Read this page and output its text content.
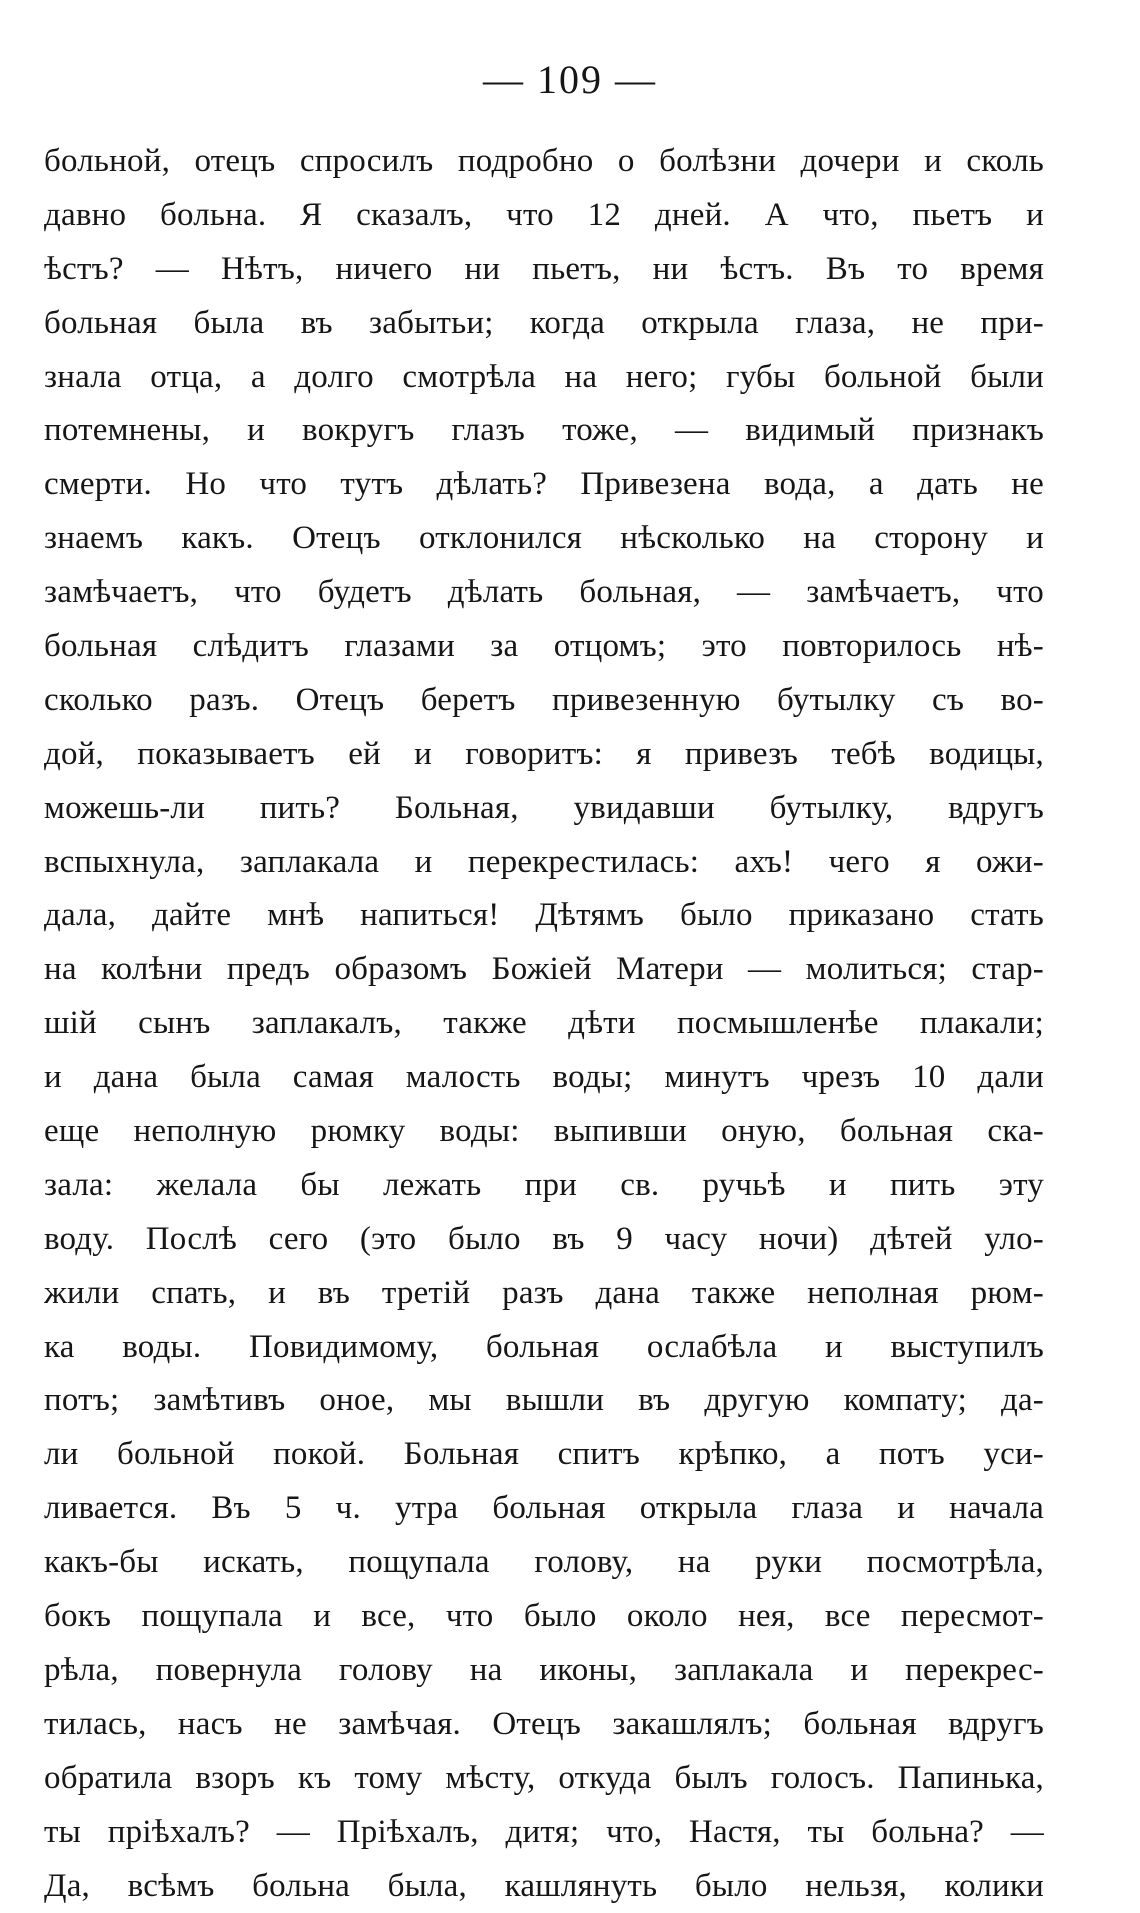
— 109 —
больной, отецъ спросилъ подробно о болѣзни дочери и сколь
давно больна. Я сказалъ, что 12 дней. А что, пьетъ и
ѣстъ? — Нѣтъ, ничего ни пьетъ, ни ѣстъ. Въ то время
больная была въ забытьи; когда открыла глаза, не при-
знала отца, а долго смотрѣла на него; губы больной были
потемнены, и вокругъ глазъ тоже, — видимый признакъ
смерти. Но что тутъ дѣлать? Привезена вода, а дать не
знаемъ какъ. Отецъ отклонился нѣсколько на сторону и
замѣчаетъ, что будетъ дѣлать больная, — замѣчаетъ, что
больная слѣдитъ глазами за отцомъ; это повторилось нѣ-
сколько разъ. Отецъ беретъ привезенную бутылку съ во-
дой, показываетъ ей и говоритъ: я привезъ тебѣ водицы,
можешь-ли пить? Больная, увидавши бутылку, вдругъ
вспыхнула, заплакала и перекрестилась: ахъ! чего я ожи-
дала, дайте мнѣ напиться! Дѣтямъ было приказано стать
на колѣни предъ образомъ Божіей Матери — молиться; стар-
шій сынъ заплакалъ, также дѣти посмышленѣе плакали;
и дана была самая малость воды; минутъ чрезъ 10 дали
еще неполную рюмку воды: выпивши оную, больная ска-
зала: желала бы лежать при св. ручьѣ и пить эту
воду. Послѣ сего (это было въ 9 часу ночи) дѣтей уло-
жили спать, и въ третій разъ дана также неполная рюм-
ка воды. Повидимому, больная ослабѣла и выступилъ
потъ; замѣтивъ оное, мы вышли въ другую компату; да-
ли больной покой. Больная спитъ крѣпко, а потъ уси-
ливается. Въ 5 ч. утра больная открыла глаза и начала
какъ-бы искать, пощупала голову, на руки посмотрѣла,
бокъ пощупала и все, что было около нея, все пересмот-
рѣла, повернула голову на иконы, заплакала и перекрес-
тилась, насъ не замѣчая. Отецъ закашлялъ; больная вдругъ
обратила взоръ къ тому мѣсту, откуда былъ голосъ. Папинька,
ты пріѣхалъ? — Пріѣхалъ, дитя; что, Настя, ты больна? —
Да, всѣмъ больна была, кашлянуть было нельзя, колики
